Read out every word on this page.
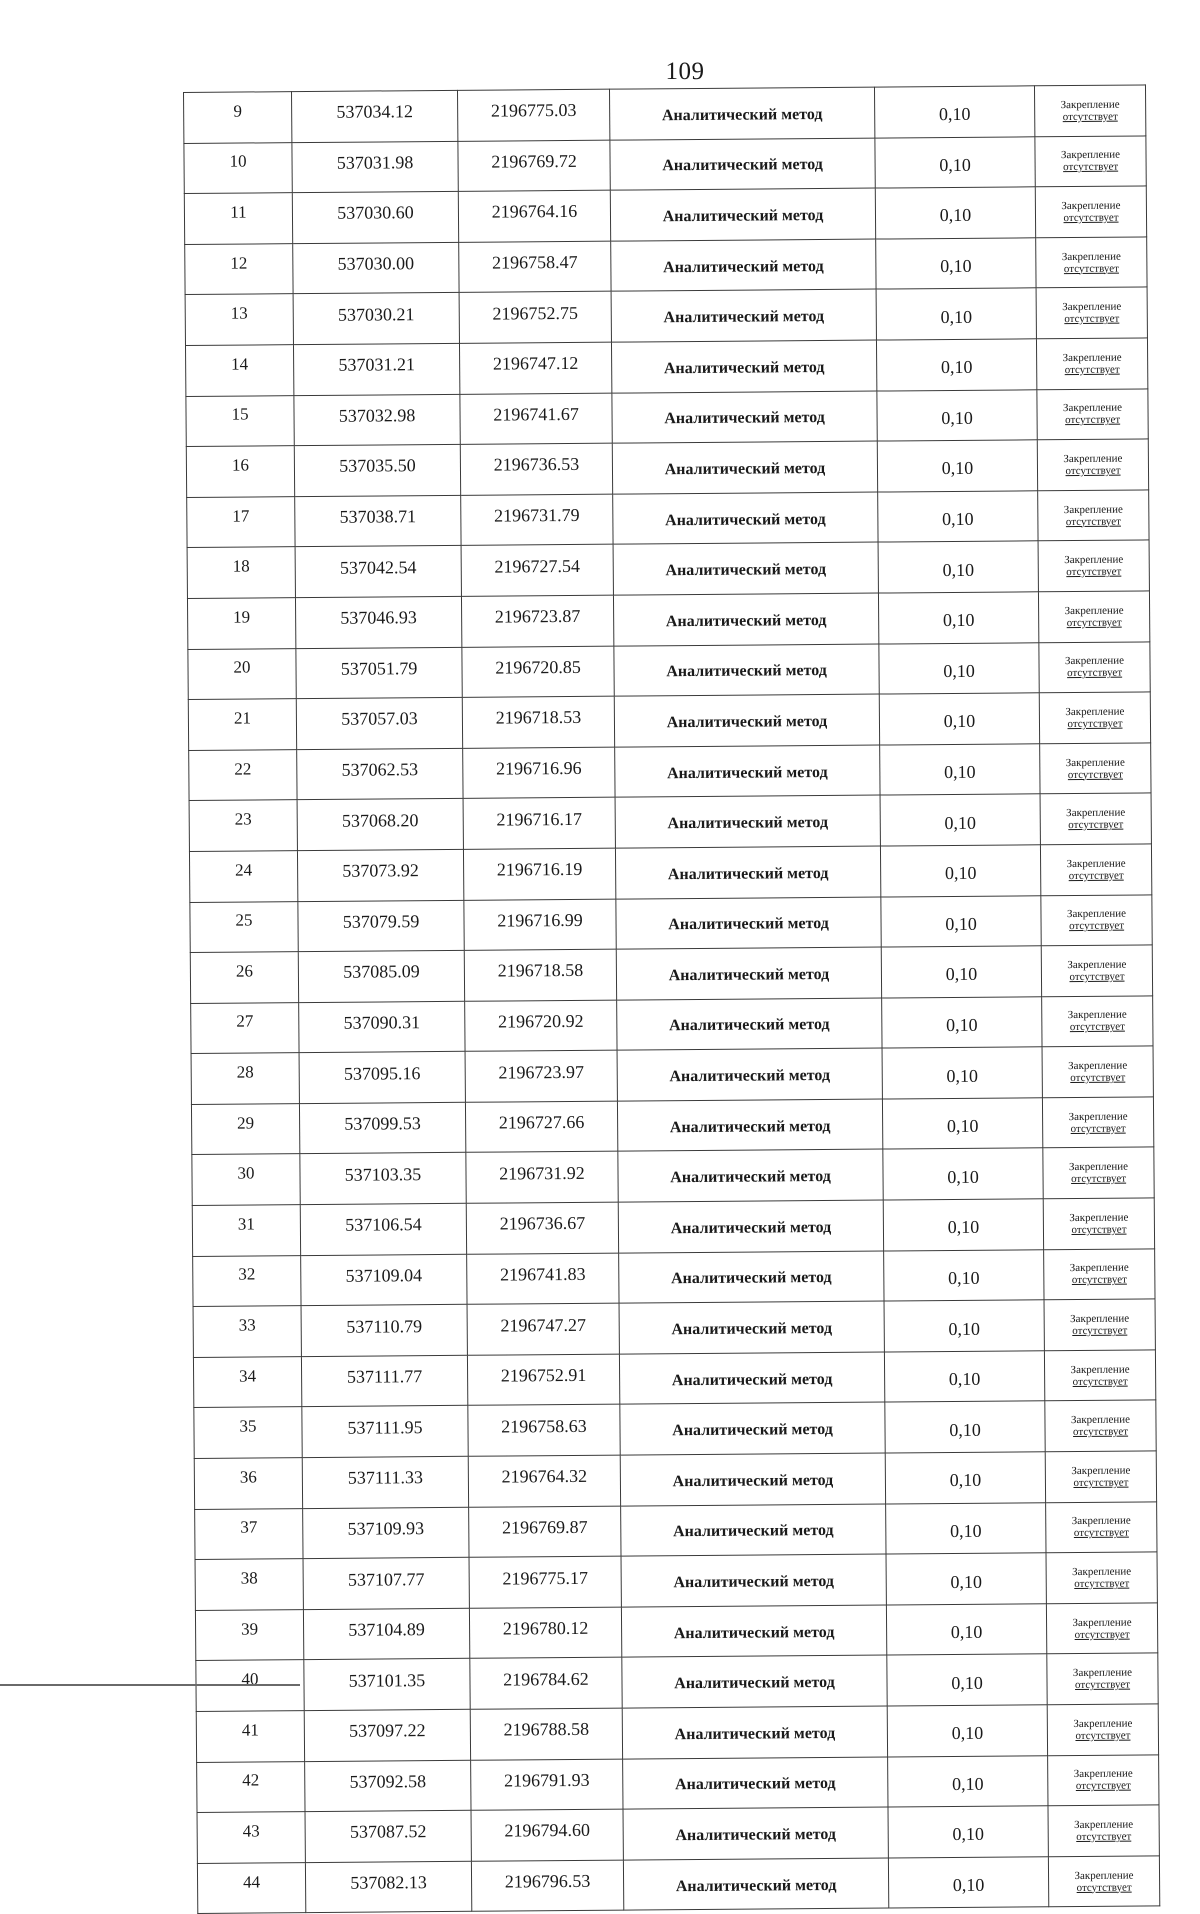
109
9	537034.12	2196775.03	Аналитический метод	0,10	Закрепление
отсутствует

10	537031.98	2196769.72	Аналитический метод	0,10	Закрепление
отсутствует

11	537030.60	2196764.16	Аналитический метод	0,10	Закрепление
отсутствует

12	537030.00	2196758.47	Аналитический метод	0,10	Закрепление
отсутствует

13	537030.21	2196752.75	Аналитический метод	0,10	Закрепление
отсутствует

14	537031.21	2196747.12	Аналитический метод	0,10	Закрепление
отсутствует

15	537032.98	2196741.67	Аналитический метод	0,10	Закрепление
отсутствует

16	537035.50	2196736.53	Аналитический метод	0,10	Закрепление
отсутствует

17	537038.71	2196731.79	Аналитический метод	0,10	Закрепление
отсутствует

18	537042.54	2196727.54	Аналитический метод	0,10	Закрепление
отсутствует

19	537046.93	2196723.87	Аналитический метод	0,10	Закрепление
отсутствует

20	537051.79	2196720.85	Аналитический метод	0,10	Закрепление
отсутствует

21	537057.03	2196718.53	Аналитический метод	0,10	Закрепление
отсутствует

22	537062.53	2196716.96	Аналитический метод	0,10	Закрепление
отсутствует

23	537068.20	2196716.17	Аналитический метод	0,10	Закрепление
отсутствует

24	537073.92	2196716.19	Аналитический метод	0,10	Закрепление
отсутствует

25	537079.59	2196716.99	Аналитический метод	0,10	Закрепление
отсутствует

26	537085.09	2196718.58	Аналитический метод	0,10	Закрепление
отсутствует

27	537090.31	2196720.92	Аналитический метод	0,10	Закрепление
отсутствует

28	537095.16	2196723.97	Аналитический метод	0,10	Закрепление
отсутствует

29	537099.53	2196727.66	Аналитический метод	0,10	Закрепление
отсутствует

30	537103.35	2196731.92	Аналитический метод	0,10	Закрепление
отсутствует

31	537106.54	2196736.67	Аналитический метод	0,10	Закрепление
отсутствует

32	537109.04	2196741.83	Аналитический метод	0,10	Закрепление
отсутствует

33	537110.79	2196747.27	Аналитический метод	0,10	Закрепление
отсутствует

34	537111.77	2196752.91	Аналитический метод	0,10	Закрепление
отсутствует

35	537111.95	2196758.63	Аналитический метод	0,10	Закрепление
отсутствует

36	537111.33	2196764.32	Аналитический метод	0,10	Закрепление
отсутствует

37	537109.93	2196769.87	Аналитический метод	0,10	Закрепление
отсутствует

38	537107.77	2196775.17	Аналитический метод	0,10	Закрепление
отсутствует

39	537104.89	2196780.12	Аналитический метод	0,10	Закрепление
отсутствует

40	537101.35	2196784.62	Аналитический метод	0,10	Закрепление
отсутствует

41	537097.22	2196788.58	Аналитический метод	0,10	Закрепление
отсутствует

42	537092.58	2196791.93	Аналитический метод	0,10	Закрепление
отсутствует

43	537087.52	2196794.60	Аналитический метод	0,10	Закрепление
отсутствует

44	537082.13	2196796.53	Аналитический метод	0,10	Закрепление
отсутствует
